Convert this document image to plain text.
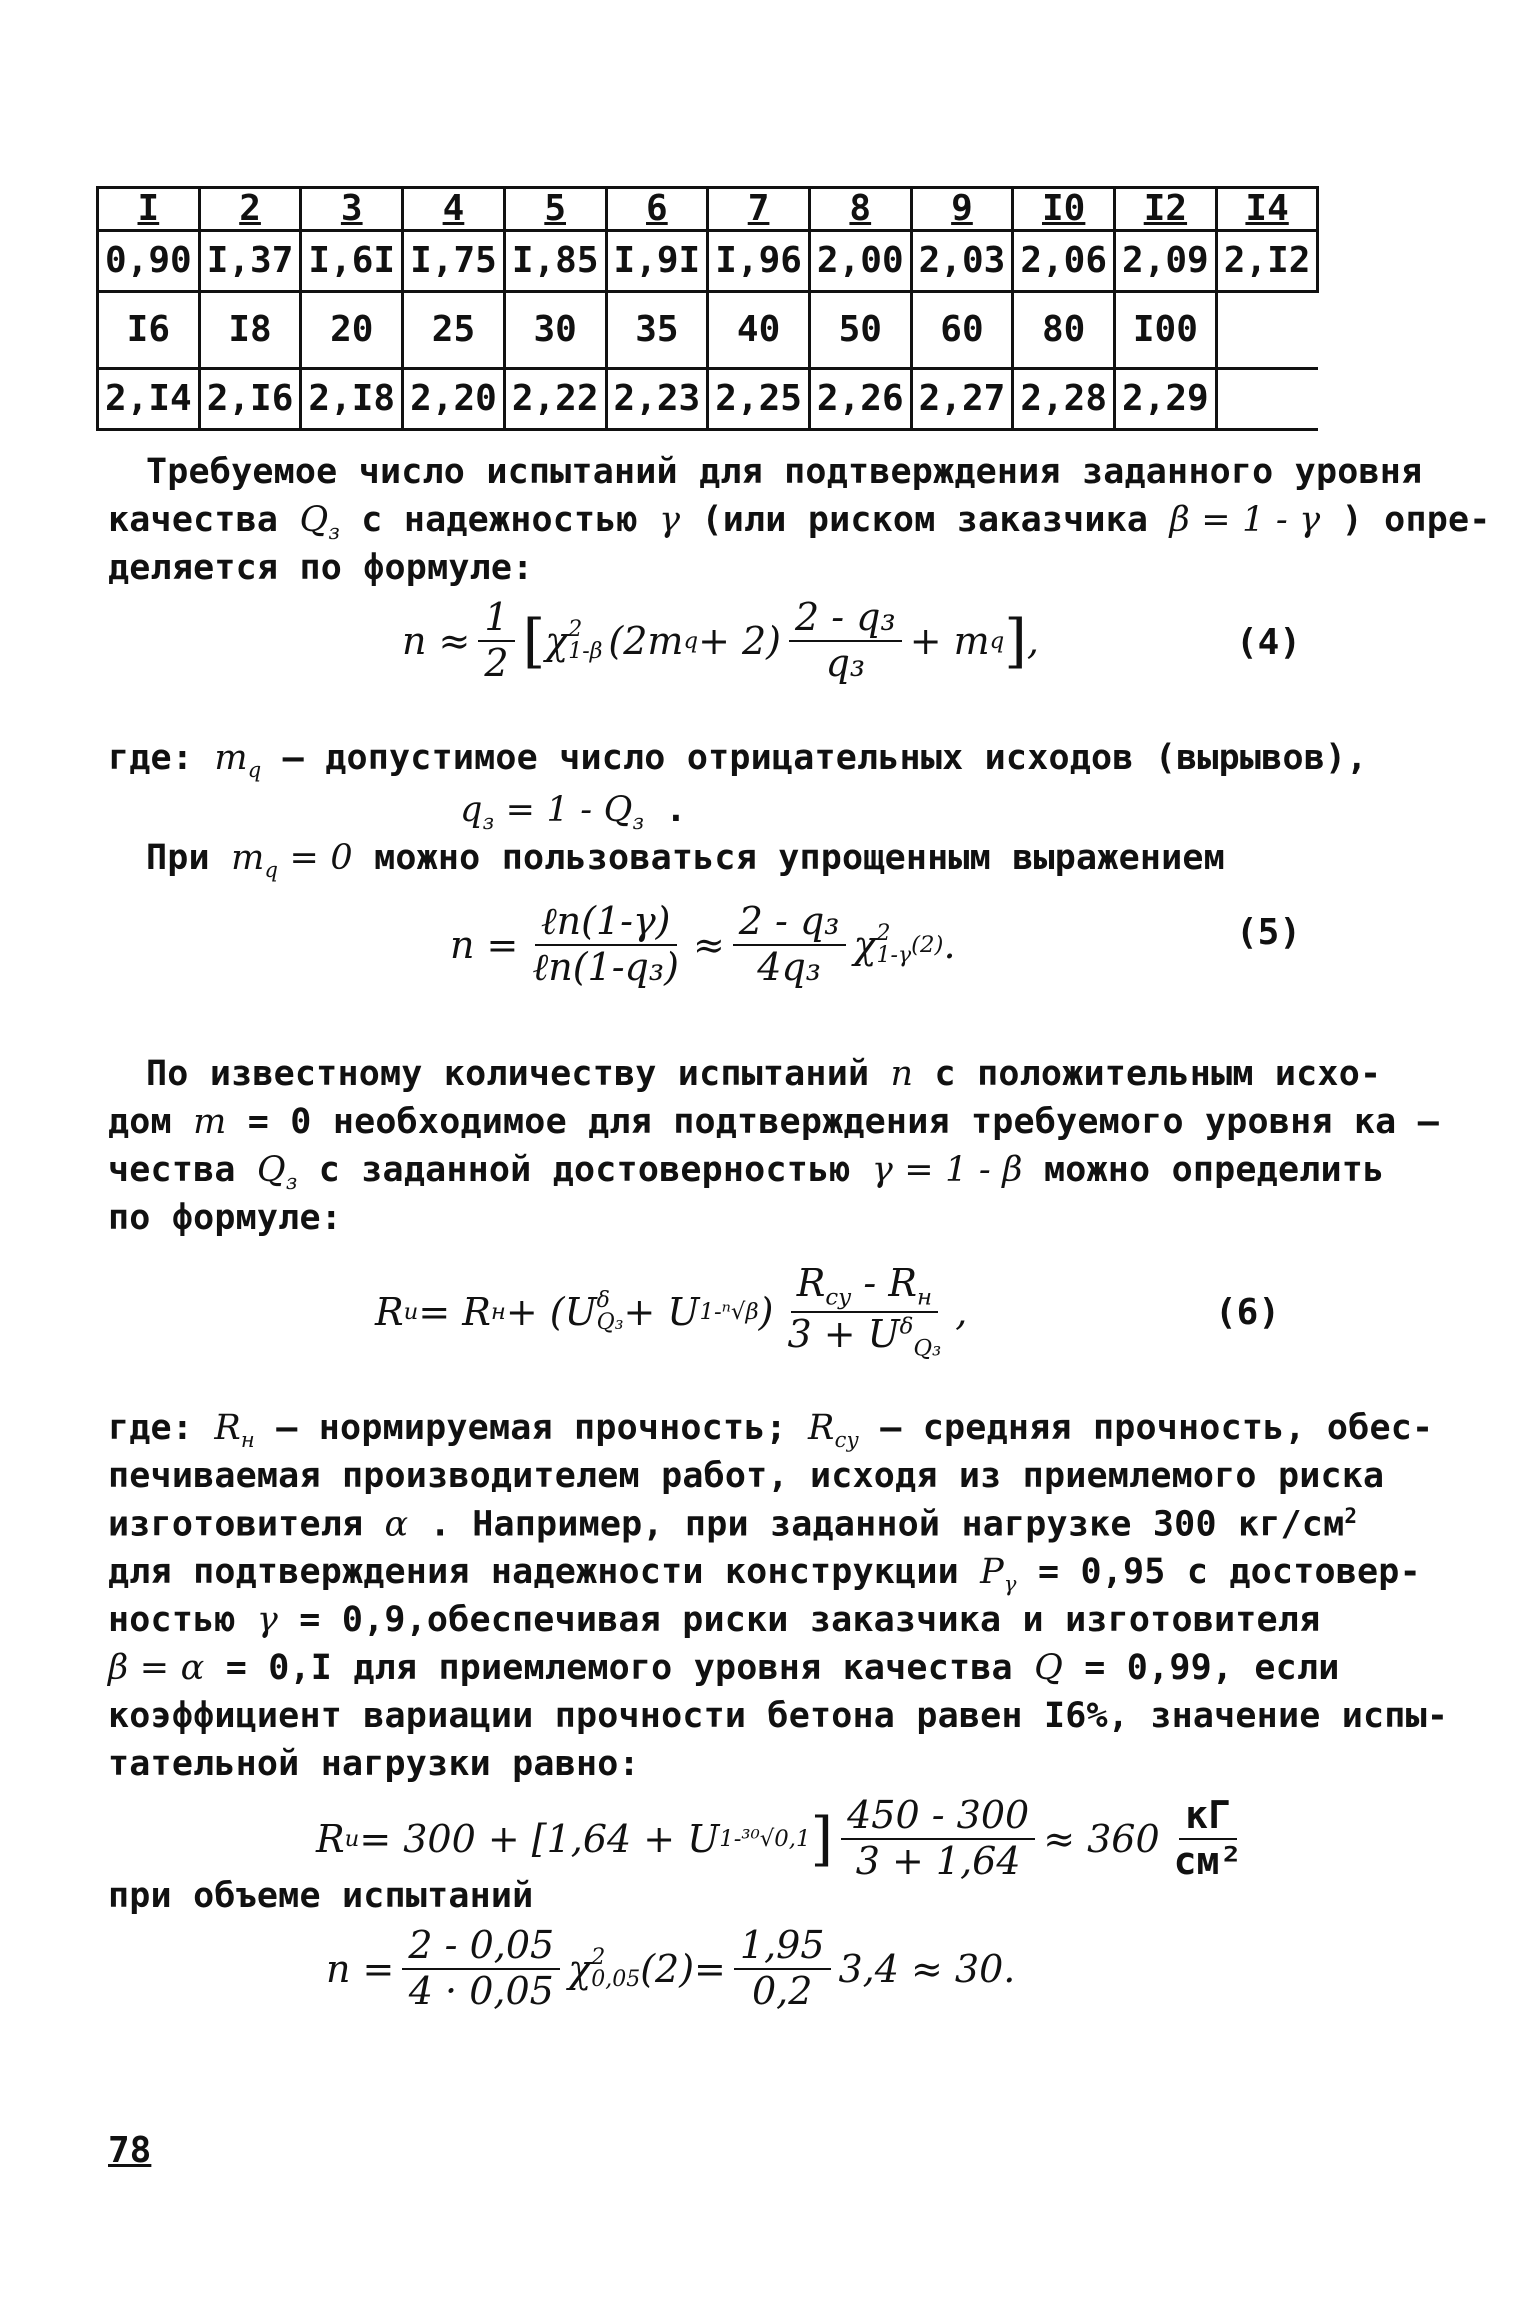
I	2	3	4	5	6	7	8	9	I0	I2	I4
0,90	I,37	I,6I	I,75	I,85	I,9I	I,96	2,00	2,03	2,06	2,09	2,I2
I6	I8	20	25	30	35	40	50	60	80	I00	
2,I4	2,I6	2,I8	2,20	2,22	2,23	2,25	2,26	2,27	2,28	2,29	
Требуемое число испытаний для подтверждения заданного уровня
качества $Q_з$ с надежностью γ (или риском заказчика β = 1 - γ ) опре-
деляется по формуле:
$n \approx \frac{1}{2}$ [ χ 2
1-β (2m $q + 2) \frac{\text{2 - q₃}}{\text{q₃}} + m$ q ] ,	(4)
где: $m_q$ – допустимое число отрицательных исходов (вырывов),
$q_з = 1 - Q_з$ .
При $m_q = 0$ можно пользоваться упрощенным выражением
$n = \frac{\text{ℓn(1-γ)}}{\text{ℓn(1-q₃)}} \approx \frac{\text{2 - q₃}}{\text{4q₃}}$ χ 2
1-γ (2) .	(5)
По известному количеству испытаний n с положительным исхо-
дом m = 0 необходимое для подтверждения требуемого уровня ка –
чества $Q_з$ с заданной достоверностью γ = 1 - β можно определить
по формуле:
R и = R н + (U δ
Q₃ + U 1-ⁿ√β ) $\frac{R_{су} - R_н}{3 + U^\delta_{Q_3}}$ ,	(6)
где: $R_н$ – нормируемая прочность; $R_{су}$ – средняя прочность, обес-
печиваемая производителем работ, исходя из приемлемого риска
изготовителя α . Например, при заданной нагрузке 300 $кг/см^2$
для подтверждения надежности конструкции $P_\gamma = 0,95$ с достовер-
ностью γ = 0,9,обеспечивая риски заказчика и изготовителя
β = α = 0,I для приемлемого уровня качества Q = 0,99, если
коэффициент вариации прочности бетона равен I6%, значение испы-
тательной нагрузки равно:
R и = 300 + [1,64 + U 1-³⁰√0,1 ] $\frac{450 - 300}{3 + 1,64} \approx 360 \frac{кГ}{\text{см²}}$
при объеме испытаний
$n = \frac{2 - 0,05}{4 \cdot 0,05}$ χ 2
0,05 $(2) = \frac{1,95}{0,2} 3,4 \approx 30$.
78
